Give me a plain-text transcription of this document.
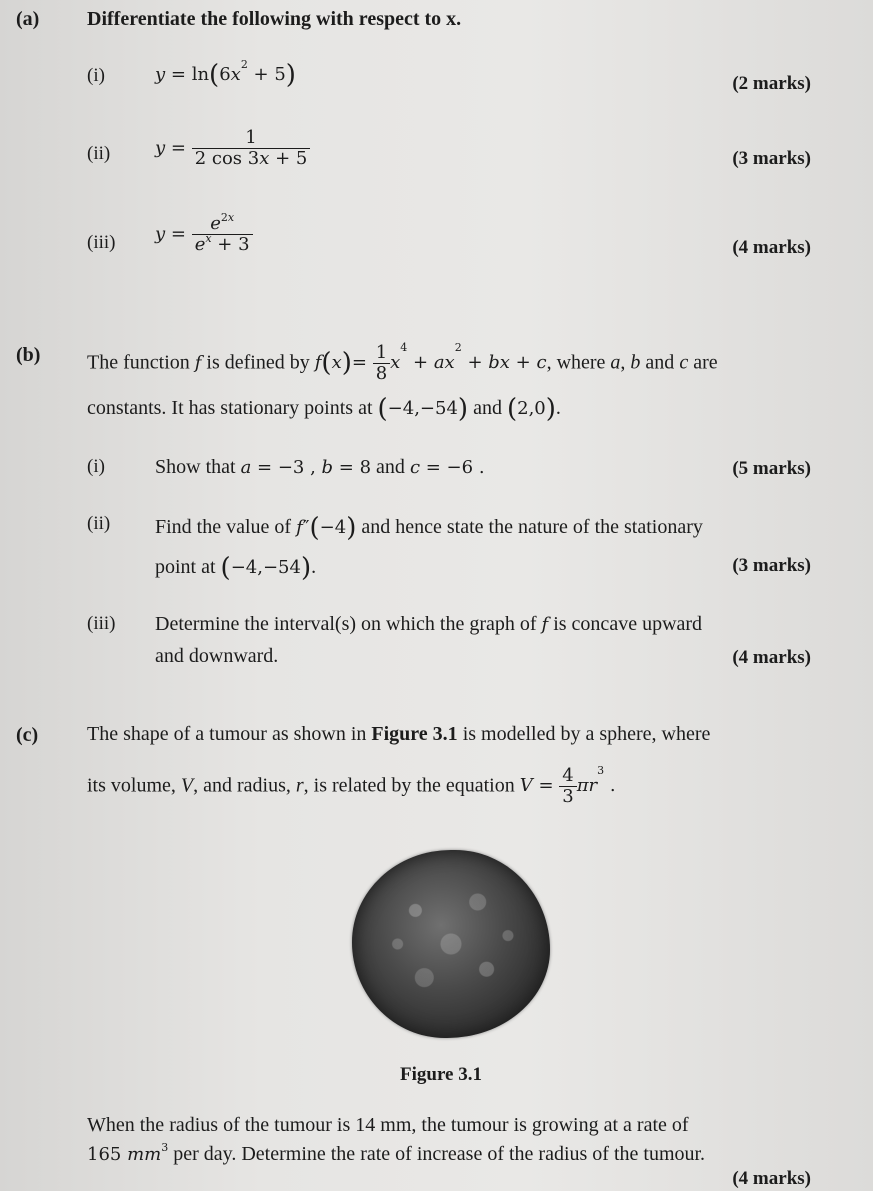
(a) Differentiate the following with respect to x.
(i)	$y = \ln(6x^2 + 5)$	(2 marks)
(ii) $y = \frac{1}{2 \cos 3x + 5}$	(3 marks)
(iii) $y = \frac{e^{2x}}{e^x + 3}$	(4 marks)
(b) The function f is defined by $f(x)= \frac{1}{8} x^4 + ax^2$ + bx + c, where a, b and c are
constants. It has stationary points at (−4,−54) and (2,0).
(i)	Show that a = −3 , b = 8 and c = −6 .	(5 marks)
(ii) Find the value of f″(−4) and hence state the nature of the stationary
point at (−4,−54).	(3 marks)
(iii) Determine the interval(s) on which the graph of f is concave upward
and downward.	(4 marks)
(c) The shape of a tumour as shown in Figure 3.1 is modelled by a sphere, where
its volume, V, and radius, r, is related by the equation $V = \frac{4}{3} \pi r^3$ .
Figure 3.1
When the radius of the tumour is 14 mm, the tumour is growing at a rate of
165 $mm^3$ per day. Determine the rate of increase of the radius of the tumour.
(4 marks)
